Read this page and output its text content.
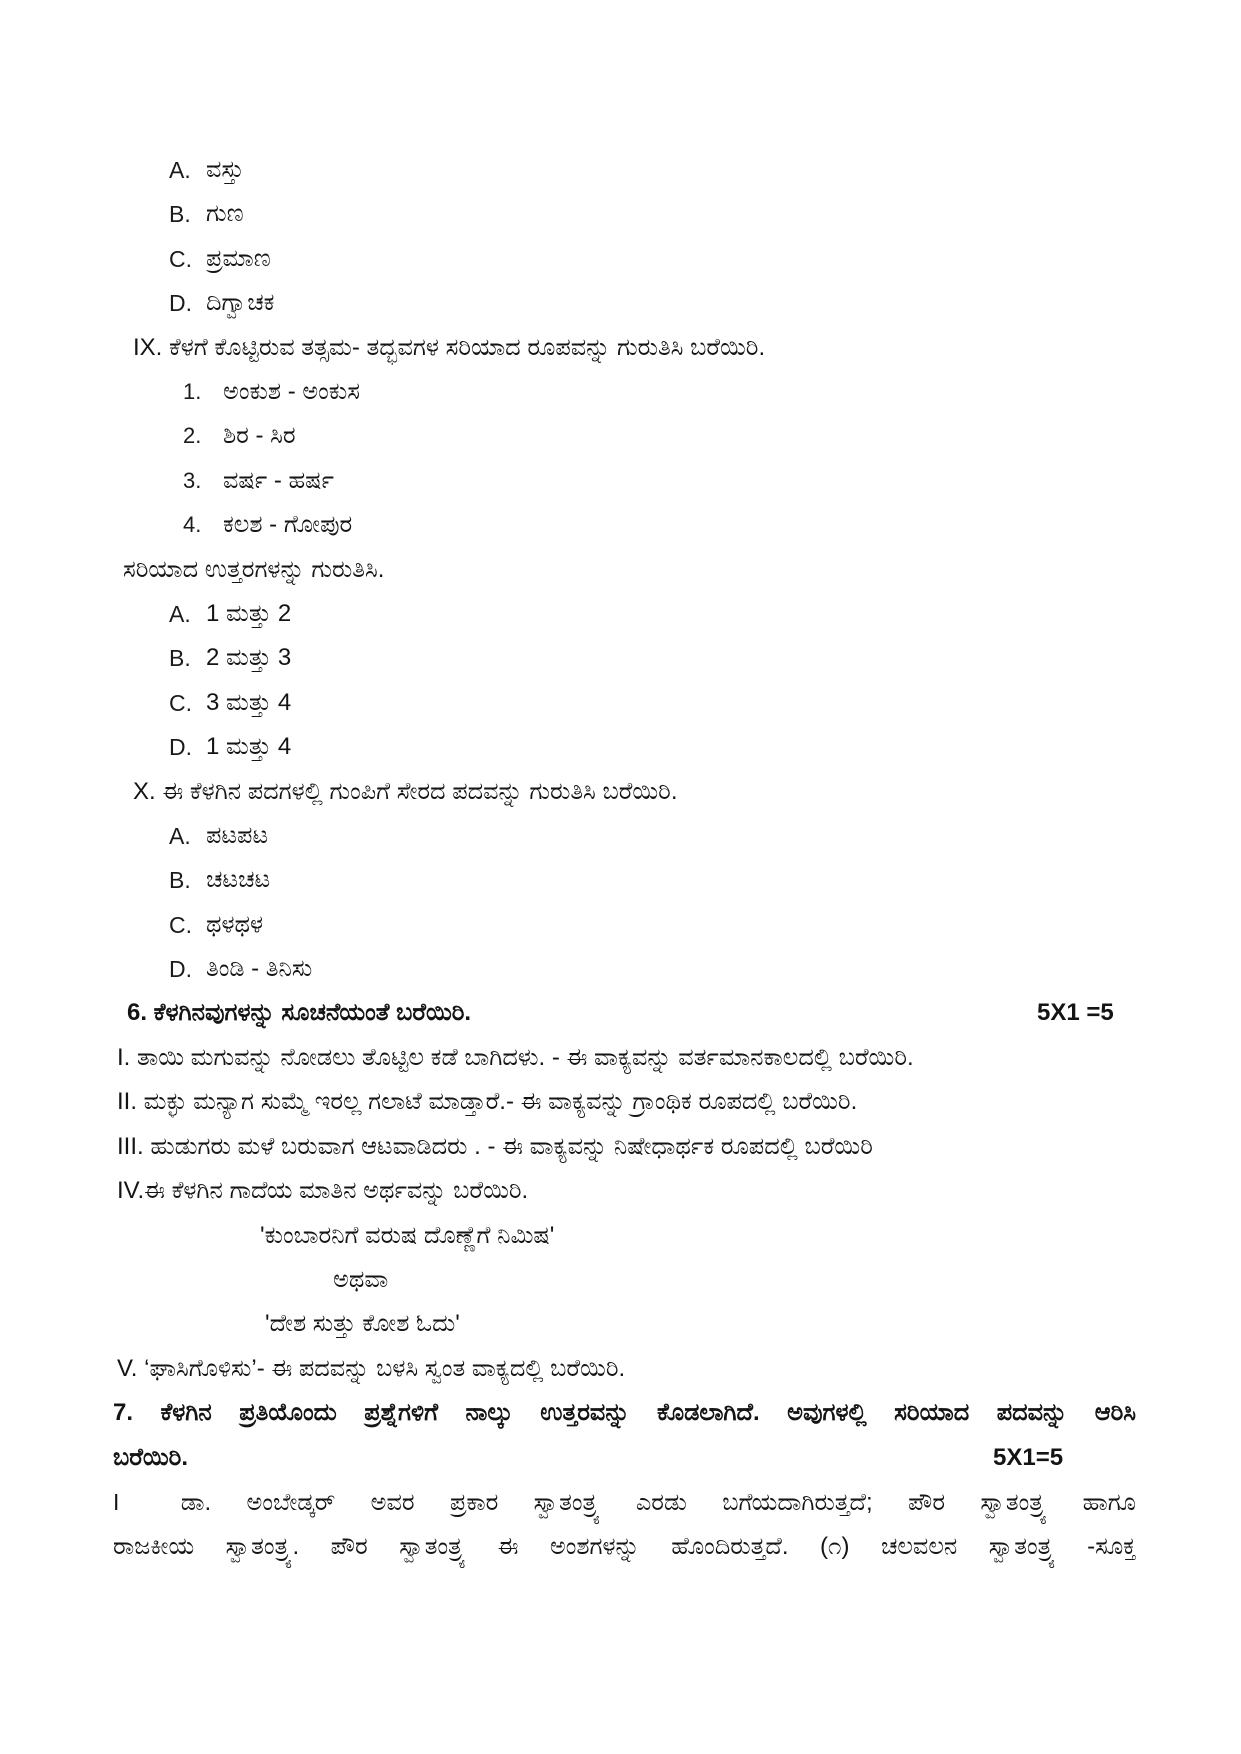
A. ವಸ್ತು
B. ಗುಣ
C. ಪ್ರಮಾಣ
D. ದಿಗ್ವಾಚಕ
IX. ಕೆಳಗೆ ಕೊಟ್ಟಿರುವ ತತ್ಸಮ- ತದ್ಭವಗಳ ಸರಿಯಾದ ರೂಪವನ್ನು ಗುರುತಿಸಿ ಬರೆಯಿರಿ.
1. ಅಂಕುಶ - ಅಂಕುಸ
2. ಶಿರ - ಸಿರ
3. ವರ್ಷ - ಹರ್ಷ
4. ಕಲಶ - ಗೋಪುರ
ಸರಿಯಾದ ಉತ್ತರಗಳನ್ನು ಗುರುತಿಸಿ.
A. 1 ಮತ್ತು 2
B. 2 ಮತ್ತು 3
C. 3 ಮತ್ತು 4
D. 1 ಮತ್ತು 4
X. ಈ ಕೆಳಗಿನ ಪದಗಳಲ್ಲಿ ಗುಂಪಿಗೆ ಸೇರದ ಪದವನ್ನು ಗುರುತಿಸಿ ಬರೆಯಿರಿ.
A. ಪಟಪಟ
B. ಚಟಚಟ
C. ಥಳಥಳ
D. ತಿಂಡಿ - ತಿನಿಸು
6. ಕೆಳಗಿನವುಗಳನ್ನು ಸೂಚನೆಯಂತೆ ಬರೆಯಿರಿ.	5X1 =5
I. ತಾಯಿ ಮಗುವನ್ನು ನೋಡಲು ತೊಟ್ಟಿಲ ಕಡೆ ಬಾಗಿದಳು. - ಈ ವಾಕ್ಯವನ್ನು ವರ್ತಮಾನಕಾಲದಲ್ಲಿ ಬರೆಯಿರಿ.
II. ಮಕ್ಳು ಮನ್ಯಾಗ ಸುಮ್ಮೆ ಇರಲ್ಲ ಗಲಾಟೆ ಮಾಡ್ತಾರೆ.- ಈ ವಾಕ್ಯವನ್ನು ಗ್ರಾಂಥಿಕ ರೂಪದಲ್ಲಿ ಬರೆಯಿರಿ.
III. ಹುಡುಗರು ಮಳೆ ಬರುವಾಗ ಆಟವಾಡಿದರು . - ಈ ವಾಕ್ಯವನ್ನು ನಿಷೇಧಾರ್ಥಕ ರೂಪದಲ್ಲಿ ಬರೆಯಿರಿ
IV.ಈ ಕೆಳಗಿನ ಗಾದೆಯ ಮಾತಿನ ಅರ್ಥವನ್ನು ಬರೆಯಿರಿ.
'ಕುಂಬಾರನಿಗೆ ವರುಷ ದೊಣ್ಣೆಗೆ ನಿಮಿಷ'
ಅಥವಾ
'ದೇಶ ಸುತ್ತು ಕೋಶ ಓದು'
V. ‘ಘಾಸಿಗೊಳಿಸು’- ಈ ಪದವನ್ನು ಬಳಸಿ ಸ್ವಂತ ವಾಕ್ಯದಲ್ಲಿ ಬರೆಯಿರಿ.
7. ಕೆಳಗಿನ ಪ್ರತಿಯೊಂದು ಪ್ರಶ್ನೆಗಳಿಗೆ ನಾಲ್ಕು ಉತ್ತರವನ್ನು ಕೊಡಲಾಗಿದೆ. ಅವುಗಳಲ್ಲಿ ಸರಿಯಾದ ಪದವನ್ನು ಆರಿಸಿ
ಬರೆಯಿರಿ.	5X1=5
I	ಡಾ. ಅಂಬೇಡ್ಕರ್ ಅವರ ಪ್ರಕಾರ ಸ್ವಾತಂತ್ರ್ಯ ಎರಡು ಬಗೆಯದಾಗಿರುತ್ತದೆ; ಪೌರ ಸ್ವಾತಂತ್ರ್ಯ ಹಾಗೂ
ರಾಜಕೀಯ ಸ್ವಾತಂತ್ರ್ಯ. ಪೌರ ಸ್ವಾತಂತ್ರ್ಯ ಈ ಅಂಶಗಳನ್ನು ಹೊಂದಿರುತ್ತದೆ. (೧) ಚಲವಲನ ಸ್ವಾತಂತ್ರ್ಯ -ಸೂಕ್ತ
